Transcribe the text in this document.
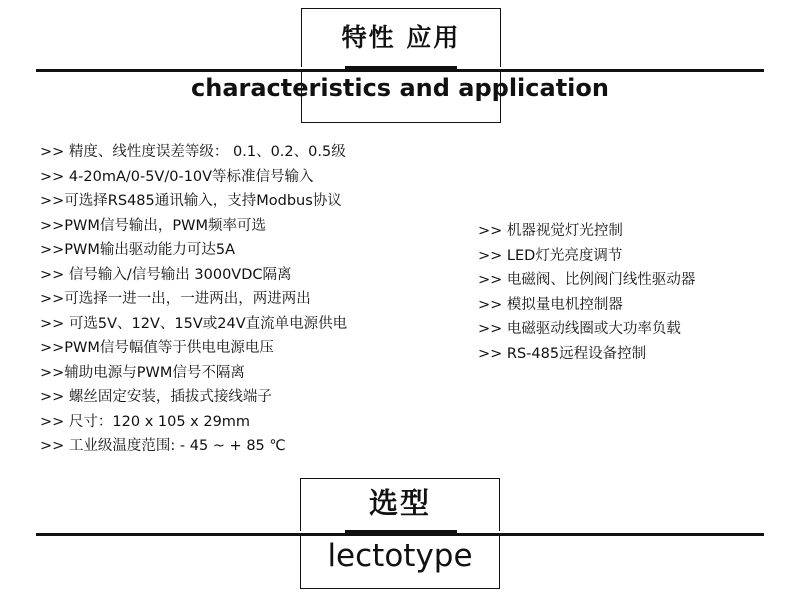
特性 应用
characteristics and application
>> 精度、线性度误差等级： 0.1、0.2、0.5级
>> 4-20mA/0-5V/0-10V等标准信号输入
>>可选择RS485通讯输入，支持Modbus协议
>>PWM信号输出，PWM频率可选
>>PWM输出驱动能力可达5A
>> 信号输入/信号输出 3000VDC隔离
>>可选择一进一出，一进两出，两进两出
>> 可选5V、12V、15V或24V直流单电源供电
>>PWM信号幅值等于供电电源电压
>>辅助电源与PWM信号不隔离
>> 螺丝固定安装，插拔式接线端子
>> 尺寸：120 x 105 x 29mm
>> 工业级温度范围: - 45 ~ + 85 ℃
>> 机器视觉灯光控制
>> LED灯光亮度调节
>> 电磁阀、比例阀门线性驱动器
>> 模拟量电机控制器
>> 电磁驱动线圈或大功率负载
>> RS-485远程设备控制
选型
lectotype
